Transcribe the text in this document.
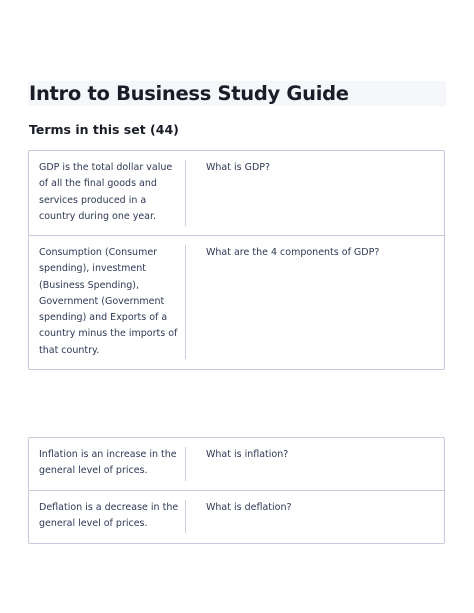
Intro to Business Study Guide
Terms in this set (44)
GDP is the total dollar value of all the final goods and services produced in a country during one year.
What is GDP?
Consumption (Consumer spending), investment (Business Spending), Government (Government spending) and Exports of a country minus the imports of that country.
What are the 4 components of GDP?
Inflation is an increase in the general level of prices.
What is inflation?
Deflation is a decrease in the general level of prices.
What is deflation?
